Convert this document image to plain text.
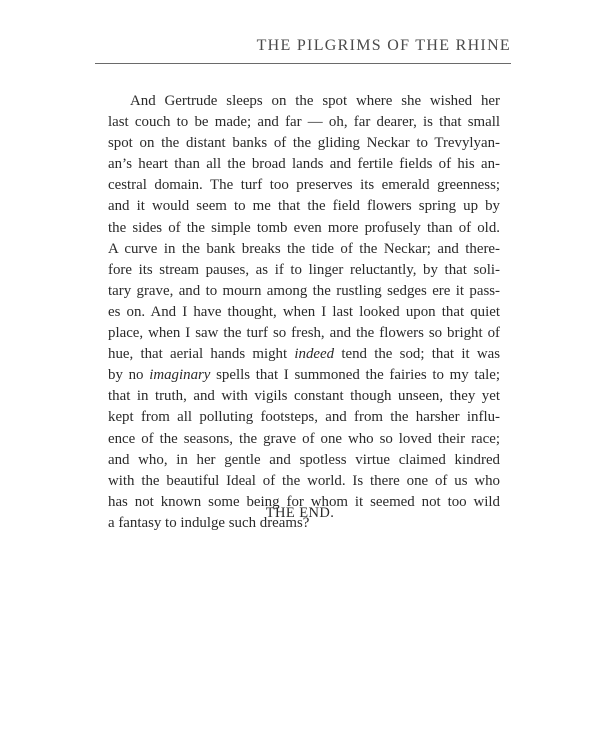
THE PILGRIMS OF THE RHINE
And Gertrude sleeps on the spot where she wished her
last couch to be made; and far — oh, far dearer, is that small
spot on the distant banks of the gliding Neckar to Trevylyan-
an’s heart than all the broad lands and fertile fields of his an-
cestral domain. The turf too preserves its emerald greenness;
and it would seem to me that the field flowers spring up by
the sides of the simple tomb even more profusely than of old.
A curve in the bank breaks the tide of the Neckar; and there-
fore its stream pauses, as if to linger reluctantly, by that soli-
tary grave, and to mourn among the rustling sedges ere it pass-
es on. And I have thought, when I last looked upon that quiet
place, when I saw the turf so fresh, and the flowers so bright of
hue, that aerial hands might indeed tend the sod; that it was
by no imaginary spells that I summoned the fairies to my tale;
that in truth, and with vigils constant though unseen, they yet
kept from all polluting footsteps, and from the harsher influ-
ence of the seasons, the grave of one who so loved their race;
and who, in her gentle and spotless virtue claimed kindred
with the beautiful Ideal of the world. Is there one of us who
has not known some being for whom it seemed not too wild
a fantasy to indulge such dreams?
THE END.
